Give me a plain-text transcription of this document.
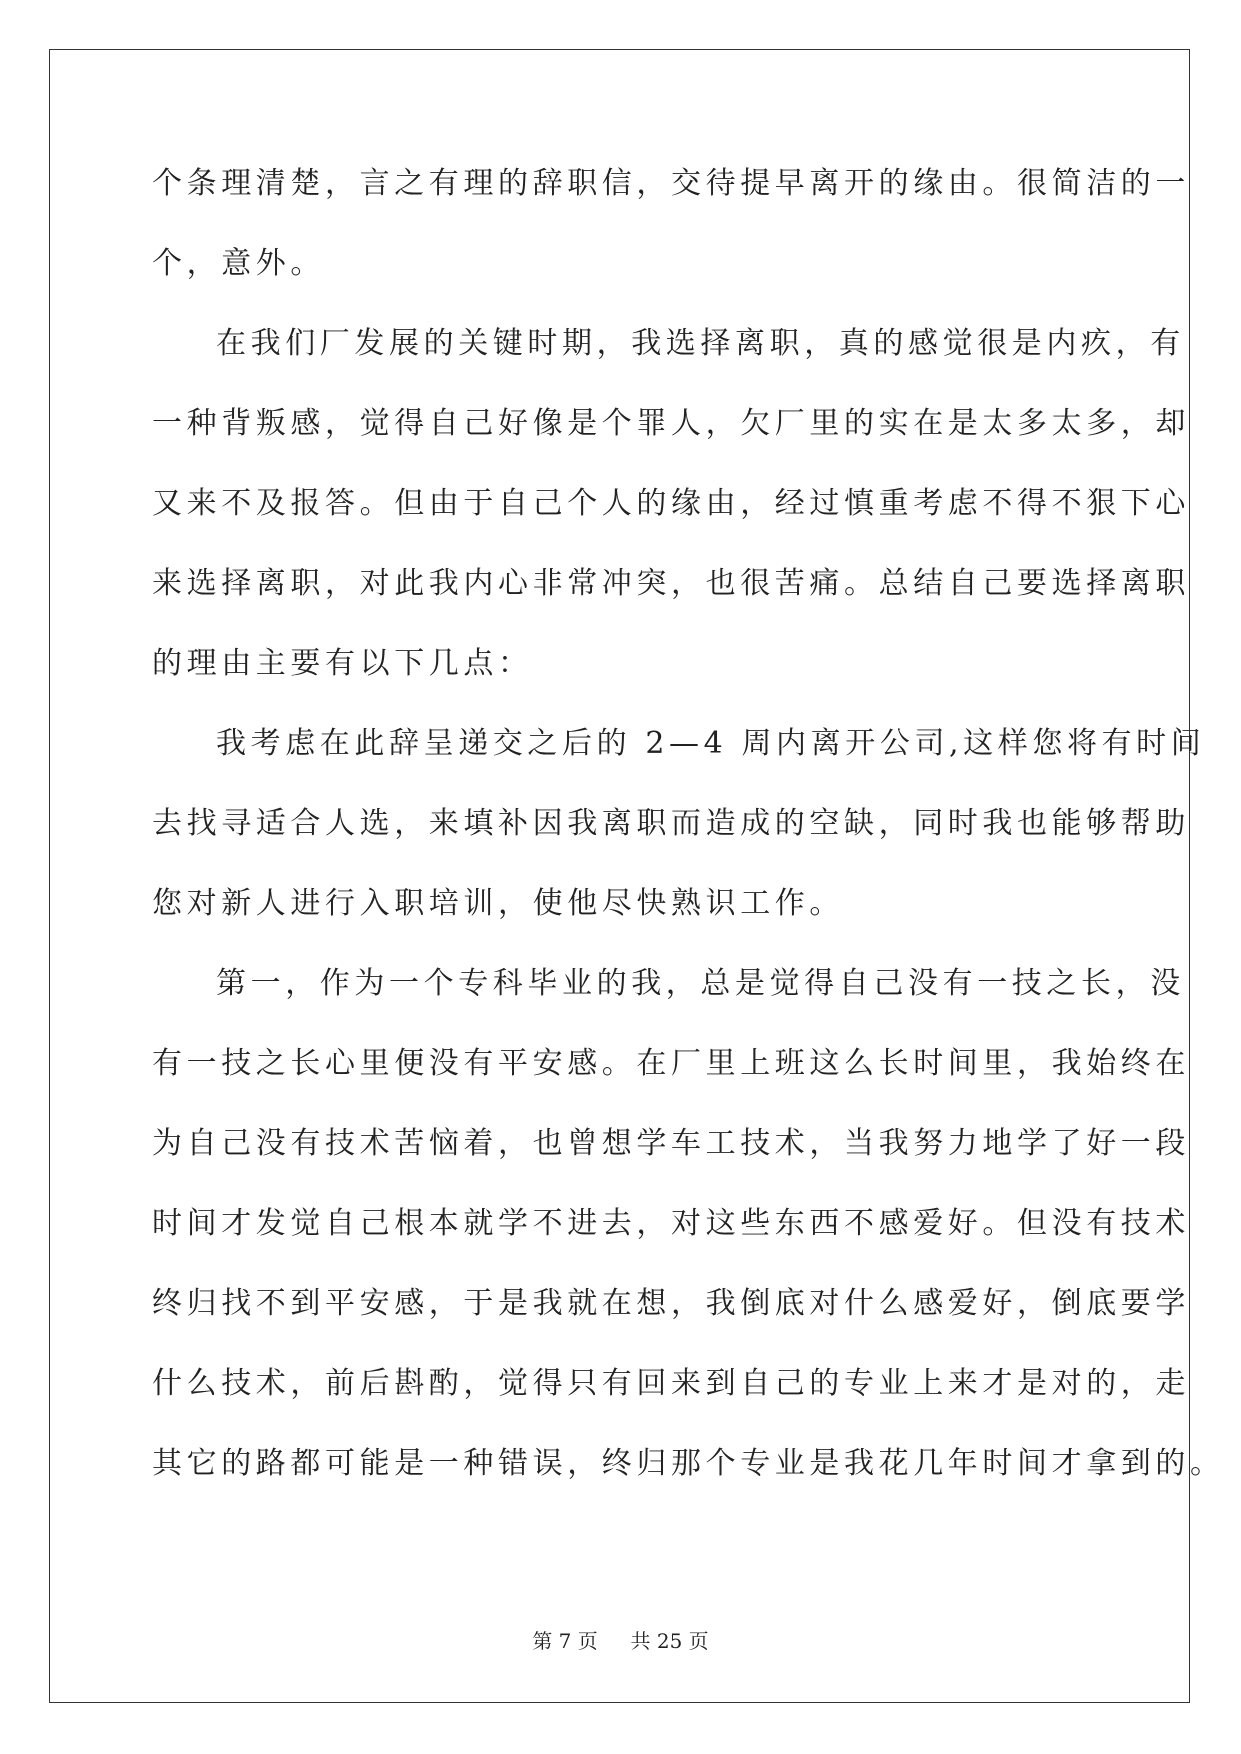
个条理清楚，言之有理的辞职信，交待提早离开的缘由。很简洁的一
个，意外。
在我们厂发展的关键时期，我选择离职，真的感觉很是内疚，有
一种背叛感，觉得自己好像是个罪人，欠厂里的实在是太多太多，却
又来不及报答。但由于自己个人的缘由，经过慎重考虑不得不狠下心
来选择离职，对此我内心非常冲突，也很苦痛。总结自己要选择离职
的理由主要有以下几点：
我考虑在此辞呈递交之后的 2—4 周内离开公司,这样您将有时间
去找寻适合人选，来填补因我离职而造成的空缺，同时我也能够帮助
您对新人进行入职培训，使他尽快熟识工作。
第一，作为一个专科毕业的我，总是觉得自己没有一技之长，没
有一技之长心里便没有平安感。在厂里上班这么长时间里，我始终在
为自己没有技术苦恼着，也曾想学车工技术，当我努力地学了好一段
时间才发觉自己根本就学不进去，对这些东西不感爱好。但没有技术
终归找不到平安感，于是我就在想，我倒底对什么感爱好，倒底要学
什么技术，前后斟酌，觉得只有回来到自己的专业上来才是对的，走
其它的路都可能是一种错误，终归那个专业是我花几年时间才拿到的。
第 7 页 共 25 页
